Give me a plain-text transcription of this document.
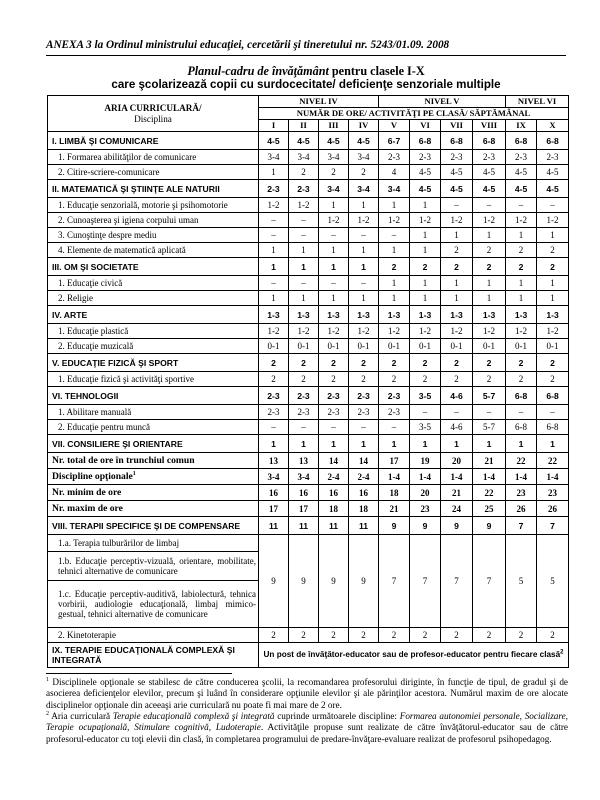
ANEXA 3 la Ordinul ministrului educaţiei, cercetării şi tineretului nr. 5243/01.09. 2008
Planul-cadru de învăţământ pentru clasele I-X
care şcolarizează copii cu surdocecitate/ deficienţe senzoriale multiple
ARIA CURRICULARĂ/
Disciplina	NIVEL IV				NIVEL V				NIVEL VI	
	NUMĂR DE ORE/ ACTIVITĂŢI PE CLASĂ/ SĂPTĂMÂNAL									
	I	II	III	IV	V	VI	VII	VIII	IX	X
I. LIMBĂ ŞI COMUNICARE	4-5	4-5	4-5	4-5	6-7	6-8	6-8	6-8	6-8	6-8
1. Formarea abilităţilor de comunicare	3-4	3-4	3-4	3-4	2-3	2-3	2-3	2-3	2-3	2-3
2. Citire-scriere-comunicare	1	2	2	2	4	4-5	4-5	4-5	4-5	4-5
II. MATEMATICĂ ŞI ŞTIINŢE ALE NATURII	2-3	2-3	3-4	3-4	3-4	4-5	4-5	4-5	4-5	4-5
1. Educaţie senzorială, motorie şi psihomotorie	1-2	1-2	1	1	1	1	–	–	–	–
2. Cunoaşterea şi igiena corpului uman	–	–	1-2	1-2	1-2	1-2	1-2	1-2	1-2	1-2
3. Cunoştinţe despre mediu	–	–	–	–	–	1	1	1	1	1
4. Elemente de matematică aplicată	1	1	1	1	1	1	2	2	2	2
III. OM ŞI SOCIETATE	1	1	1	1	2	2	2	2	2	2
1. Educaţie civică	–	–	–	–	1	1	1	1	1	1
2. Religie	1	1	1	1	1	1	1	1	1	1
IV. ARTE	1-3	1-3	1-3	1-3	1-3	1-3	1-3	1-3	1-3	1-3
1. Educaţie plastică	1-2	1-2	1-2	1-2	1-2	1-2	1-2	1-2	1-2	1-2
2. Educaţie muzicală	0-1	0-1	0-1	0-1	0-1	0-1	0-1	0-1	0-1	0-1
V. EDUCAŢIE FIZICĂ ŞI SPORT	2	2	2	2	2	2	2	2	2	2
1. Educaţie fizică şi activităţi sportive	2	2	2	2	2	2	2	2	2	2
VI. TEHNOLOGII	2-3	2-3	2-3	2-3	2-3	3-5	4-6	5-7	6-8	6-8
1. Abilitare manuală	2-3	2-3	2-3	2-3	2-3	–	–	–	–	–
2. Educaţie pentru muncă	–	–	–	–	–	3-5	4-6	5-7	6-8	6-8
VII. CONSILIERE ŞI ORIENTARE	1	1	1	1	1	1	1	1	1	1
Nr. total de ore în trunchiul comun	13	13	14	14	17	19	20	21	22	22
Discipline opţionale$^1$	3-4	3-4	2-4	2-4	1-4	1-4	1-4	1-4	1-4	1-4
Nr. minim de ore	16	16	16	16	18	20	21	22	23	23
Nr. maxim de ore	17	17	18	18	21	23	24	25	26	26
VIII. TERAPII SPECIFICE ŞI DE COMPENSARE	11	11	11	11	9	9	9	9	7	7
1.a. Terapia tulburărilor de limbaj	9	9	9	9	7	7	7	7	5	5
1.b. Educaţie perceptiv-vizuală, orientare, mobilitate, tehnici alternative de comunicare										
1.c. Educaţie perceptiv-auditivă, labiolectură, tehnica vorbirii, audiologie educaţională, limbaj mimico-gestual, tehnici alternative de comunicare										
2. Kinetoterapie	2	2	2	2	2	2	2	2	2	2
IX. TERAPIE EDUCAŢIONALĂ COMPLEXĂ ŞI INTEGRATĂ	Un post de învăţător-educator sau de profesor-educator pentru fiecare clasă$^2$
$^1$ Disciplinele opţionale se stabilesc de către conducerea şcolii, la recomandarea profesorului diriginte, în funcţie de tipul, de gradul şi de asocierea deficienţelor elevilor, precum şi luând în considerare opţiunile elevilor şi ale părinţilor acestora. Numărul maxim de ore alocate disciplinelor opţionale din aceeaşi arie curriculară nu poate fi mai mare de 2 ore.
$^2$ Aria curriculară Terapie educaţională complexă şi integrată cuprinde următoarele discipline: Formarea autonomiei personale, Socializare, Terapie ocupaţională, Stimulare cognitivă, Ludoterapie. Activităţile propuse sunt realizate de către învăţătorul-educator sau de către profesorul-educator cu toţi elevii din clasă, în completarea programului de predare-învăţare-evaluare realizat de profesorul psihopedagog.
